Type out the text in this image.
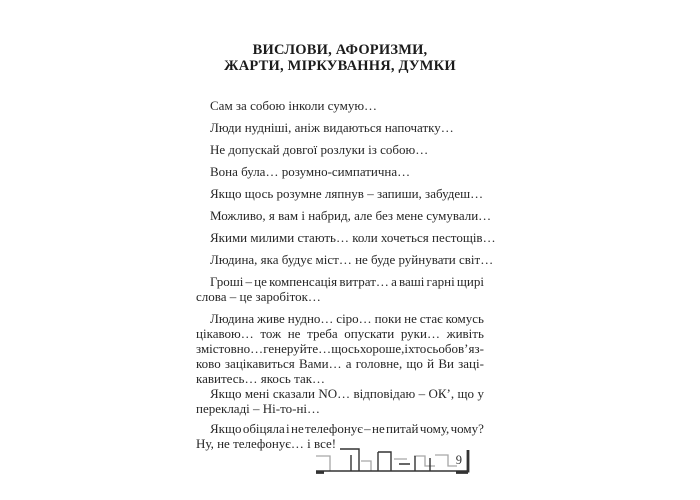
ВИСЛОВИ, АФОРИЗМИ,
ЖАРТИ, МІРКУВАННЯ, ДУМКИ
Сам за собою інколи сумую…
Люди нудніші, аніж видаються напочатку…
Не допускай довгої розлуки із собою…
Вона була… розумно-симпатична…
Якщо щось розумне ляпнув – запиши, забудеш…
Можливо, я вам і набрид, але без мене сумували…
Якими милими стають… коли хочеться пестощів…
Людина, яка будує міст… не буде руйнувати світ…
Гроші – це компенсація витрат… а ваші гарні щирі
слова – це заробіток…
Людина живе нудно… сіро… поки не стає комусь
цікавою… тож не треба опускати руки… живіть
змістовно… генеруйте… щось хороше, і хтось обов’яз-
ково зацікавиться Вами… а головне, що й Ви заці-
кавитесь… якось так…
Якщо мені сказали NO… відповідаю – ОК’, що у
перекладі – Ні-то-ні…
Якщо обіцяла і не телефонує – не питай чому, чому?
Ну, не телефонує… і все!
9
